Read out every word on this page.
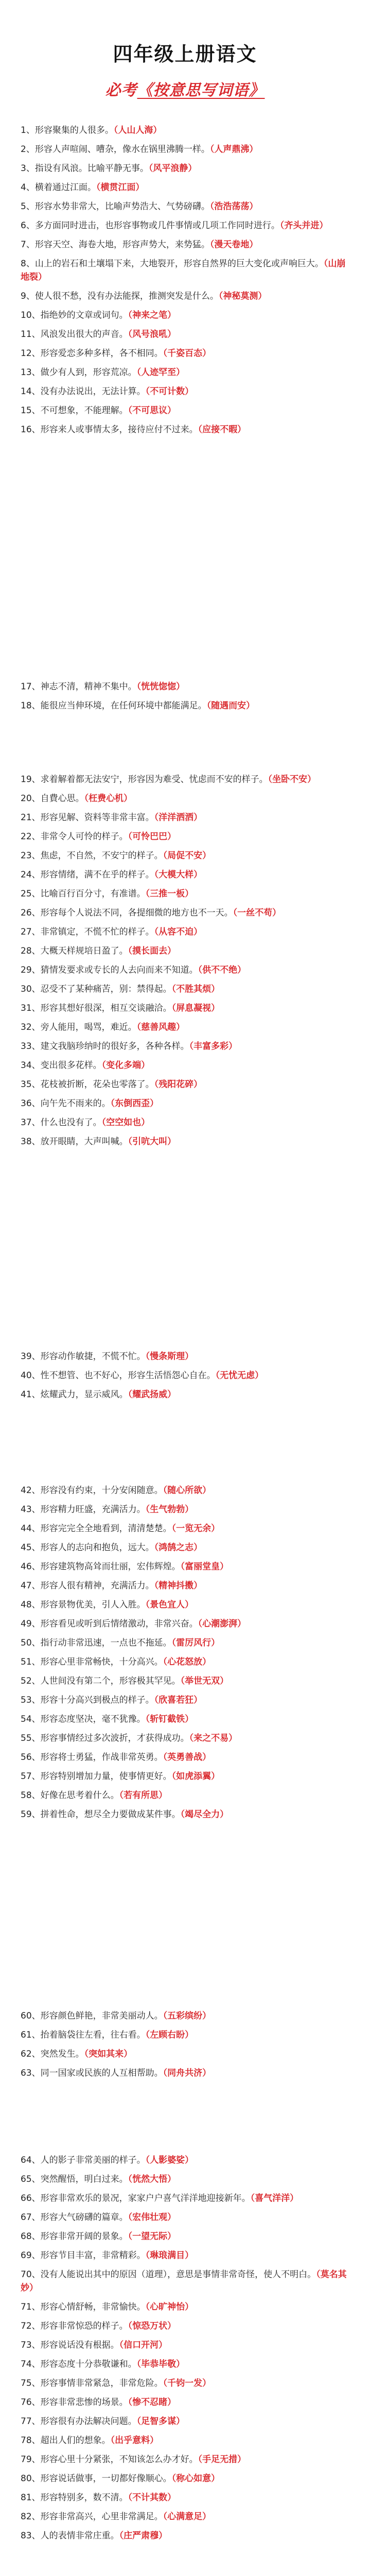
四年级上册语文
必考《按意思写词语》
1、形容聚集的人很多。（人山人海）
2、形容人声喧闹、嘈杂，像水在锅里沸腾一样。（人声鼎沸）
3、指设有风浪。比喻平静无事。（风平浪静）
4、横着通过江面。（横贯江面）
5、形容水势非常大，比喻声势浩大、气势磅礴。（浩浩荡荡）
6、多方面同时进击，也形容事物或几件事情或几项工作同时进行。（齐头并进）
7、形容天空、海卷大地，形容声势大，来势猛。（漫天卷地）
8、山上的岩石和土壤塌下来，大地裂开，形容自然界的巨大变化或声响巨大。（山崩地裂）
9、使人很不愁，没有办法能探，推测突发是什么。（神秘莫测）
10、指绝妙的文章或词句。（神来之笔）
11、风浪发出很大的声音。（风号浪吼）
12、形容爱恋多种多样，各不相同。（千姿百态）
13、做少有人到，形容荒凉。（人迹罕至）
14、没有办法说出，无法计算。（不可计数）
15、不可想象，不能理解。（不可思议）
16、形容来人或事情太多，接待应付不过来。（应接不暇）
17、神志不清，精神不集中。（恍恍惚惚）
18、能很应当伸环境，在任何环境中都能满足。（随遇而安）
19、求着解着都无法安宁，形容因为难受、忧虑而不安的样子。（坐卧不安）
20、自費心思。（枉费心机）
21、形容见解、资料等非常丰富。（洋洋洒洒）
22、非常令人可怜的样子。（可怜巴巴）
23、焦虑，不自然，不安宁的样子。（局促不安）
24、形容情绪，满不在乎的样子。（大模大样）
25、比喻百行百分寸，有准谱。（三推一板）
26、形容每个人说法不同，各提细微的地方也不一天。（一丝不苟）
27、非常镇定，不慌不忙的样子。（从容不迫）
28、大概天样规培日盈了。（摸长面去）
29、猜情发要求或专长的人去向而来不知道。（供不不绝）
30、忍受不了某种痛苦，别：禁得起。（不胜其烦）
31、形容其想好很深，相互交谈融洽。（屏息凝视）
32、旁人能用，喝骂，难近。（慈善风趣）
33、建文我脑珍纳时的很好多，各种各样。（丰富多彩）
34、变出很多花样。（变化多端）
35、花枝被折断，花朵也零落了。（残阳花碎）
36、向午先不雨来的。（东倒西歪）
37、什么也没有了。（空空如也）
38、放开眼睛，大声叫喊。（引吭大叫）
39、形容动作敏捷，不慌不忙。（慢条斯理）
40、性不想管、也不好心，形容生活悟怨心自在。（无忧无虑）
41、炫耀武力，显示威风。（耀武扬威）
42、形容没有约束，十分安闲随意。（随心所欲）
43、形容精力旺盛，充满活力。（生气勃勃）
44、形容完完全全地看到，清清楚楚。（一览无余）
45、形容人的志向和抱负，远大。（鸿鹄之志）
46、形容建筑物高耸而壮丽，宏伟辉煌。（富丽堂皇）
47、形容人很有精神，充满活力。（精神抖擞）
48、形容景物优美，引人入胜。（景色宜人）
49、形容看见或听到后情绪激动，非常兴奋。（心潮澎湃）
50、指行动非常迅速，一点也不拖延。（雷厉风行）
51、形容心里非常畅快，十分高兴。（心花怒放）
52、人世间没有第二个，形容极其罕见。（举世无双）
53、形容十分高兴到极点的样子。（欣喜若狂）
54、形容态度坚决，毫不犹豫。（斩钉截铁）
55、形容事情经过多次波折，才获得成功。（来之不易）
56、形容将士勇猛，作战非常英勇。（英勇善战）
57、形容特别增加力量，使事情更好。（如虎添翼）
58、好像在思考着什么。（若有所思）
59、拼着性命，想尽全力要做成某件事。（竭尽全力）
60、形容颜色鲜艳，非常美丽动人。（五彩缤纷）
61、抬着脑袋往左看，往右看。（左顾右盼）
62、突然发生。（突如其来）
63、同一国家或民族的人互相帮助。（同舟共济）
64、人的影子非常美丽的样子。（人影婆娑）
65、突然醒悟，明白过来。（恍然大悟）
66、形容非常欢乐的景况，家家户户喜气洋洋地迎接新年。（喜气洋洋）
67、形容大气磅礴的篇章。（宏伟壮观）
68、形容非常开阔的景象。（一望无际）
69、形容节目丰富，非常精彩。（琳琅满目）
70、没有人能说出其中的原因（道理），意思是事情非常奇怪，使人不明白。（莫名其妙）
71、形容心情舒畅，非常愉快。（心旷神怡）
72、形容非常惊恐的样子。（惊恐万状）
73、形容说话没有根据。（信口开河）
74、形容态度十分恭敬谦和。（毕恭毕敬）
75、形容事情非常紧急，非常危险。（千钧一发）
76、形容非常悲惨的场景。（惨不忍睹）
77、形容很有办法解决问题。（足智多谋）
78、超出人们的想象。（出乎意料）
79、形容心里十分紧张，不知该怎么办才好。（手足无措）
80、形容说话做事，一切都好像顺心。（称心如意）
81、形容特别多，数不清。（不计其数）
82、形容非常高兴，心里非常满足。（心满意足）
83、人的表情非常庄重。（庄严肃穆）
